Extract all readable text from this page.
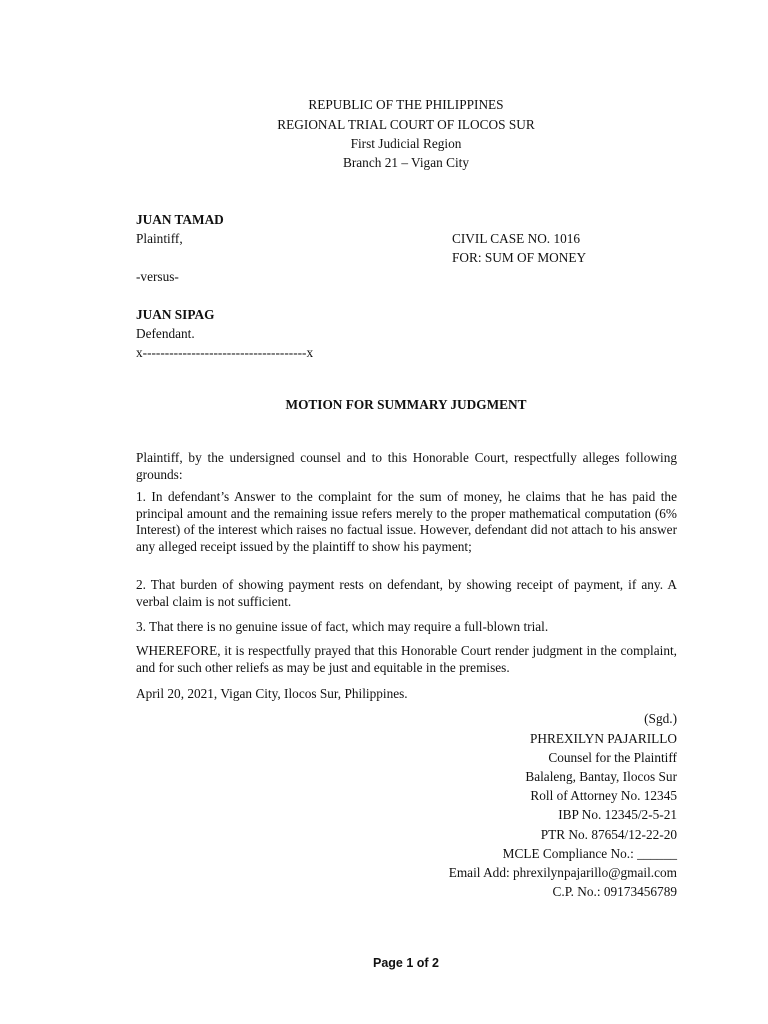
REPUBLIC OF THE PHILIPPINES
REGIONAL TRIAL COURT OF ILOCOS SUR
First Judicial Region
Branch 21 – Vigan City
JUAN TAMAD
Plaintiff,	CIVIL CASE NO. 1016
FOR: SUM OF MONEY
-versus-
JUAN SIPAG
Defendant.
x-------------------------------------x
MOTION FOR SUMMARY JUDGMENT
Plaintiff, by the undersigned counsel and to this Honorable Court, respectfully alleges following grounds:
1. In defendant’s Answer to the complaint for the sum of money, he claims that he has paid the principal amount and the remaining issue refers merely to the proper mathematical computation (6% Interest) of the interest which raises no factual issue. However, defendant did not attach to his answer any alleged receipt issued by the plaintiff to show his payment;
2. That burden of showing payment rests on defendant, by showing receipt of payment, if any. A verbal claim is not sufficient.
3. That there is no genuine issue of fact, which may require a full-blown trial.
WHEREFORE, it is respectfully prayed that this Honorable Court render judgment in the complaint, and for such other reliefs as may be just and equitable in the premises.
April 20, 2021, Vigan City, Ilocos Sur, Philippines.
(Sgd.)
PHREXILYN PAJARILLO
Counsel for the Plaintiff
Balaleng, Bantay, Ilocos Sur
Roll of Attorney No. 12345
IBP No. 12345/2-5-21
PTR No. 87654/12-22-20
MCLE Compliance No.: ______
Email Add: phrexilynpajarillo@gmail.com
C.P. No.: 09173456789
Page 1 of 2
